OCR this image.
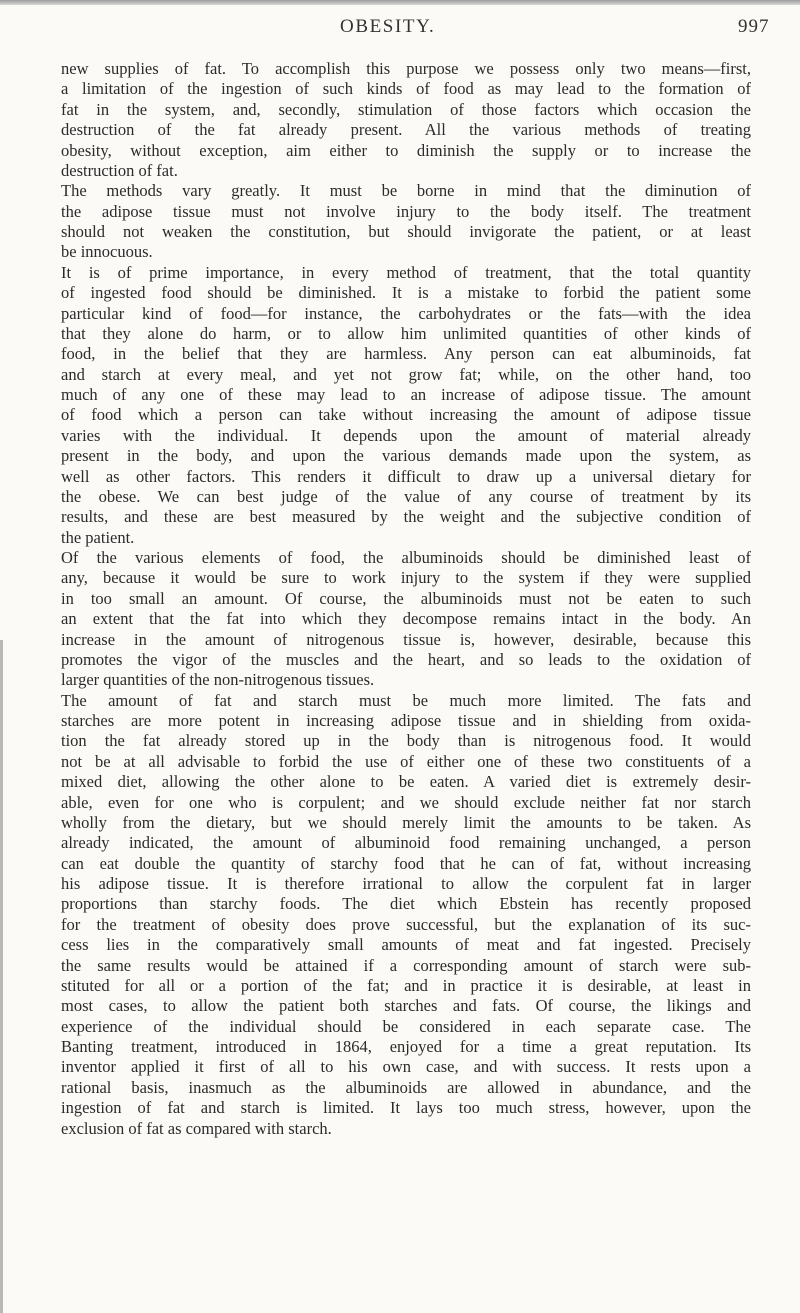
OBESITY.	997

new supplies of fat. To accomplish this purpose we possess only two means—first,
a limitation of the ingestion of such kinds of food as may lead to the formation of
fat in the system, and, secondly, stimulation of those factors which occasion the
destruction of the fat already present. All the various methods of treating
obesity, without exception, aim either to diminish the supply or to increase the
destruction of fat.

The methods vary greatly. It must be borne in mind that the diminution of
the adipose tissue must not involve injury to the body itself. The treatment
should not weaken the constitution, but should invigorate the patient, or at least
be innocuous.

It is of prime importance, in every method of treatment, that the total quantity
of ingested food should be diminished. It is a mistake to forbid the patient some
particular kind of food—for instance, the carbohydrates or the fats—with the idea
that they alone do harm, or to allow him unlimited quantities of other kinds of
food, in the belief that they are harmless. Any person can eat albuminoids, fat
and starch at every meal, and yet not grow fat; while, on the other hand, too
much of any one of these may lead to an increase of adipose tissue. The amount
of food which a person can take without increasing the amount of adipose tissue
varies with the individual. It depends upon the amount of material already
present in the body, and upon the various demands made upon the system, as
well as other factors. This renders it difficult to draw up a universal dietary for
the obese. We can best judge of the value of any course of treatment by its
results, and these are best measured by the weight and the subjective condition of
the patient.

Of the various elements of food, the albuminoids should be diminished least of
any, because it would be sure to work injury to the system if they were supplied
in too small an amount. Of course, the albuminoids must not be eaten to such
an extent that the fat into which they decompose remains intact in the body. An
increase in the amount of nitrogenous tissue is, however, desirable, because this
promotes the vigor of the muscles and the heart, and so leads to the oxidation of
larger quantities of the non-nitrogenous tissues.

The amount of fat and starch must be much more limited. The fats and
starches are more potent in increasing adipose tissue and in shielding from oxida-
tion the fat already stored up in the body than is nitrogenous food. It would
not be at all advisable to forbid the use of either one of these two constituents of a
mixed diet, allowing the other alone to be eaten. A varied diet is extremely desir-
able, even for one who is corpulent; and we should exclude neither fat nor starch
wholly from the dietary, but we should merely limit the amounts to be taken. As
already indicated, the amount of albuminoid food remaining unchanged, a person
can eat double the quantity of starchy food that he can of fat, without increasing
his adipose tissue. It is therefore irrational to allow the corpulent fat in larger
proportions than starchy foods. The diet which Ebstein has recently proposed
for the treatment of obesity does prove successful, but the explanation of its suc-
cess lies in the comparatively small amounts of meat and fat ingested. Precisely
the same results would be attained if a corresponding amount of starch were sub-
stituted for all or a portion of the fat; and in practice it is desirable, at least in
most cases, to allow the patient both starches and fats. Of course, the likings and
experience of the individual should be considered in each separate case. The
Banting treatment, introduced in 1864, enjoyed for a time a great reputation. Its
inventor applied it first of all to his own case, and with success. It rests upon a
rational basis, inasmuch as the albuminoids are allowed in abundance, and the
ingestion of fat and starch is limited. It lays too much stress, however, upon the
exclusion of fat as compared with starch.
